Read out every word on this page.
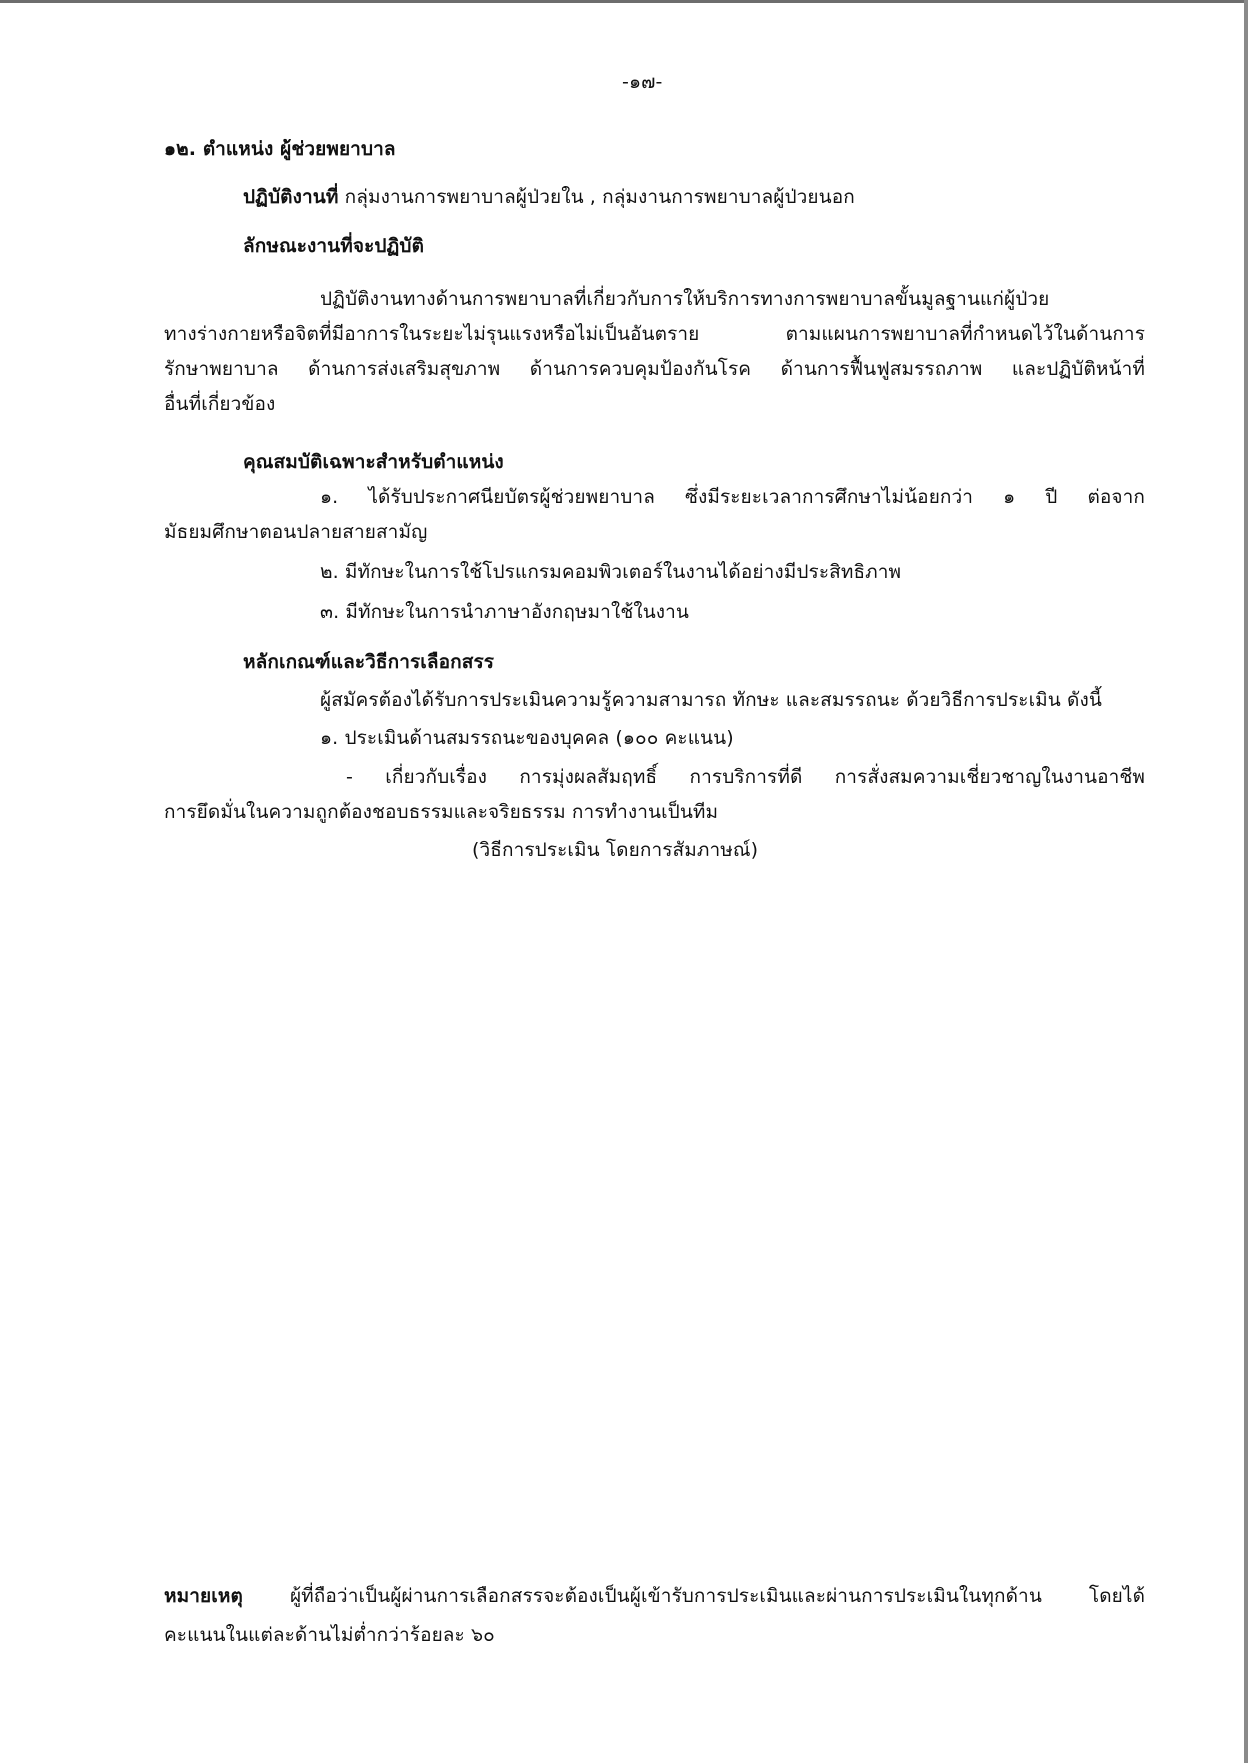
-๑๗-
๑๒. ตำแหน่ง ผู้ช่วยพยาบาล
ปฏิบัติงานที่ กลุ่มงานการพยาบาลผู้ป่วยใน , กลุ่มงานการพยาบาลผู้ป่วยนอก
ลักษณะงานที่จะปฏิบัติ
ปฏิบัติงานทางด้านการพยาบาลที่เกี่ยวกับการให้บริการทางการพยาบาลขั้นมูลฐานแก่ผู้ป่วย
ทางร่างกายหรือจิตที่มีอาการในระยะไม่รุนแรงหรือไม่เป็นอันตราย ตามแผนการพยาบาลที่กำหนดไว้ในด้านการ
รักษาพยาบาล ด้านการส่งเสริมสุขภาพ ด้านการควบคุมป้องกันโรค ด้านการฟื้นฟูสมรรถภาพ และปฏิบัติหน้าที่
อื่นที่เกี่ยวข้อง
คุณสมบัติเฉพาะสำหรับตำแหน่ง
๑. ได้รับประกาศนียบัตรผู้ช่วยพยาบาล ซึ่งมีระยะเวลาการศึกษาไม่น้อยกว่า ๑ ปี ต่อจาก
มัธยมศึกษาตอนปลายสายสามัญ
๒. มีทักษะในการใช้โปรแกรมคอมพิวเตอร์ในงานได้อย่างมีประสิทธิภาพ
๓. มีทักษะในการนำภาษาอังกฤษมาใช้ในงาน
หลักเกณฑ์และวิธีการเลือกสรร
ผู้สมัครต้องได้รับการประเมินความรู้ความสามารถ ทักษะ และสมรรถนะ ด้วยวิธีการประเมิน ดังนี้
๑. ประเมินด้านสมรรถนะของบุคคล (๑๐๐ คะแนน)
- เกี่ยวกับเรื่อง การมุ่งผลสัมฤทธิ์ การบริการที่ดี การสั่งสมความเชี่ยวชาญในงานอาชีพ
การยึดมั่นในความถูกต้องชอบธรรมและจริยธรรม การทำงานเป็นทีม
(วิธีการประเมิน โดยการสัมภาษณ์)
หมายเหตุ ผู้ที่ถือว่าเป็นผู้ผ่านการเลือกสรรจะต้องเป็นผู้เข้ารับการประเมินและผ่านการประเมินในทุกด้าน โดยได้
คะแนนในแต่ละด้านไม่ต่ำกว่าร้อยละ ๖๐
